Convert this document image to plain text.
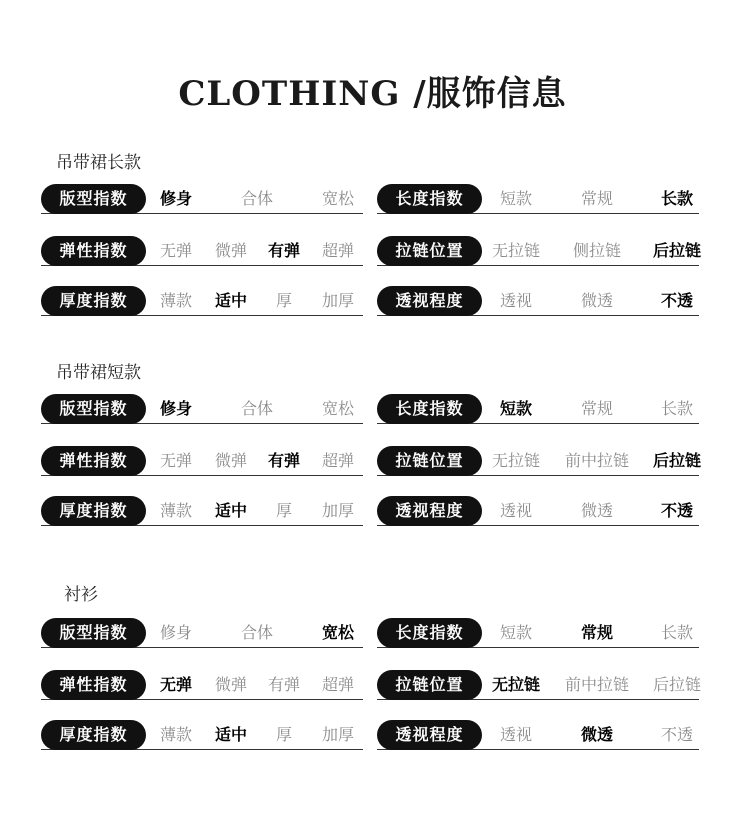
CLOTHING /服饰信息
吊带裙长款
版型指数	修身	合体	宽松	长度指数	短款	常规	长款
弹性指数	无弹 微弹 有弹 超弹	拉链位置	无拉链 侧拉链 后拉链
厚度指数	薄款 适中 厚 加厚	透视程度	透视	微透	不透
吊带裙短款
版型指数	修身	合体	宽松	长度指数	短款	常规	长款
弹性指数	无弹 微弹 有弹 超弹	拉链位置	无拉链 前中拉链 后拉链
厚度指数	薄款 适中 厚 加厚	透视程度	透视	微透	不透
衬衫
版型指数	修身	合体	宽松	长度指数	短款	常规	长款
弹性指数	无弹 微弹 有弹 超弹	拉链位置	无拉链 前中拉链 后拉链
厚度指数	薄款 适中 厚 加厚	透视程度	透视	微透	不透
